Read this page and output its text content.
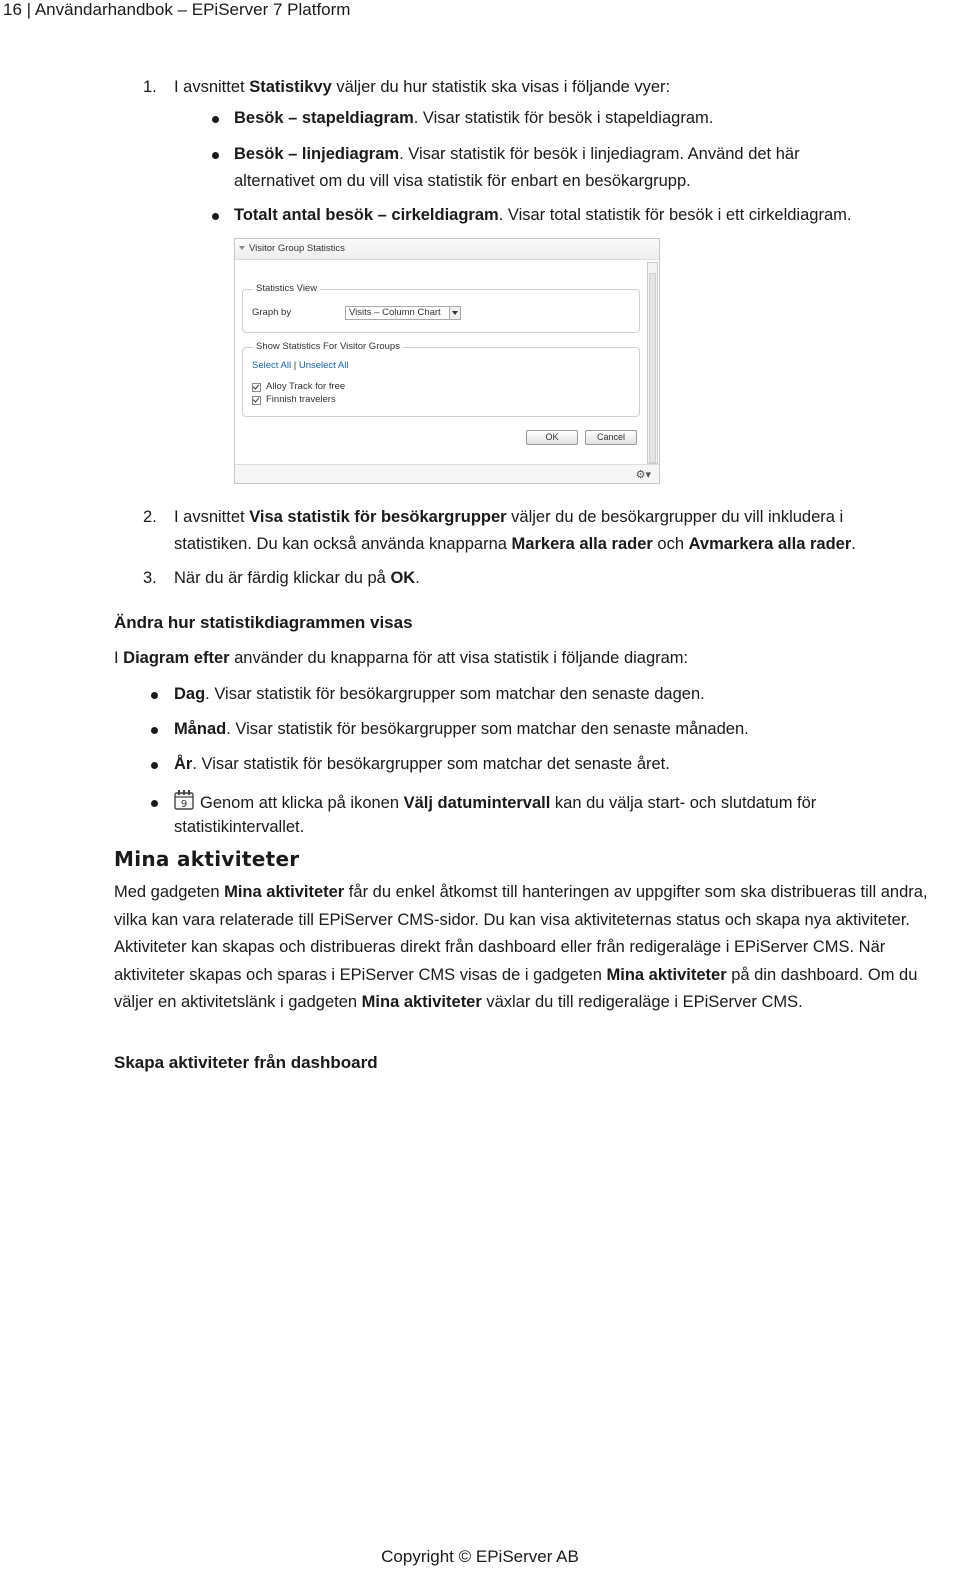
16 | Användarhandbok – EPiServer 7 Platform
1. I avsnittet Statistikvy väljer du hur statistik ska visas i följande vyer:
Besök – stapeldiagram. Visar statistik för besök i stapeldiagram.
Besök – linjediagram. Visar statistik för besök i linjediagram. Använd det här
alternativet om du vill visa statistik för enbart en besökargrupp.
Totalt antal besök – cirkeldiagram. Visar total statistik för besök i ett cirkeldiagram.
Visitor Group Statistics
Statistics View
Graph by	Visits – Column Chart
Show Statistics For Visitor Groups
Select All | Unselect All
Alloy Track for free
Finnish travelers
OK	Cancel
⚙▾
2. I avsnittet Visa statistik för besökargrupper väljer du de besökargrupper du vill inkludera i
statistiken. Du kan också använda knapparna Markera alla rader och Avmarkera alla rader.
3. När du är färdig klickar du på OK.
Ändra hur statistikdiagrammen visas
I Diagram efter använder du knapparna för att visa statistik i följande diagram:
Dag. Visar statistik för besökargrupper som matchar den senaste dagen.
Månad. Visar statistik för besökargrupper som matchar den senaste månaden.
År. Visar statistik för besökargrupper som matchar det senaste året.
9 Genom att klicka på ikonen Välj datumintervall kan du välja start- och slutdatum för
statistikintervallet.
Mina aktiviteter
Med gadgeten Mina aktiviteter får du enkel åtkomst till hanteringen av uppgifter som ska distribueras till andra, vilka kan vara relaterade till EPiServer CMS-sidor. Du kan visa aktiviteternas status och skapa nya aktiviteter. Aktiviteter kan skapas och distribueras direkt från dashboard eller från redigeraläge i EPiServer CMS. När aktiviteter skapas och sparas i EPiServer CMS visas de i gadgeten Mina aktiviteter på din dashboard. Om du väljer en aktivitetslänk i gadgeten Mina aktiviteter växlar du till redigeraläge i EPiServer CMS.
Skapa aktiviteter från dashboard
Copyright © EPiServer AB
